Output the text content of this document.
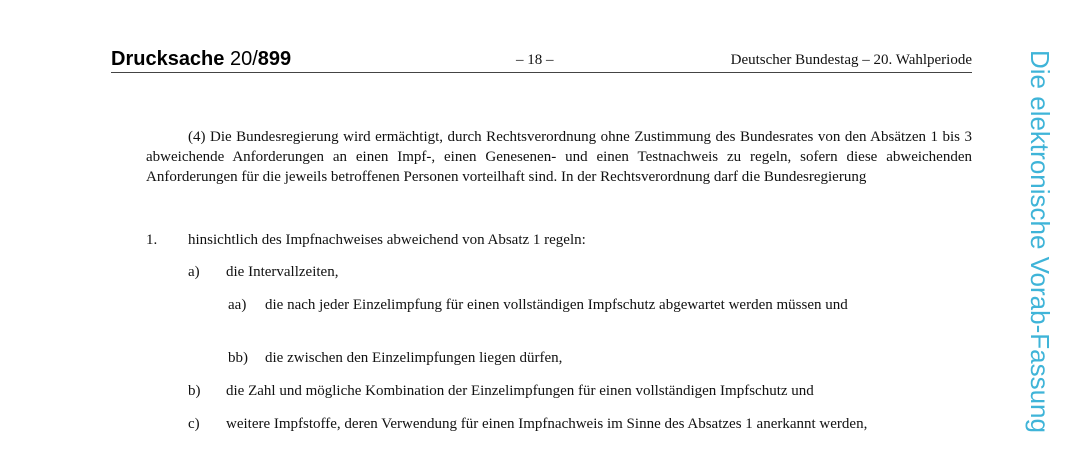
Drucksache 20/899	– 18 –	Deutscher Bundestag – 20. Wahlperiode

(4) Die Bundesregierung wird ermächtigt, durch Rechtsverordnung ohne Zustimmung des Bundesrates von den Absätzen 1 bis 3 abweichende Anforderungen an einen Impf-, einen Genesenen- und einen Testnachweis zu regeln, sofern diese abweichenden Anforderungen für die jeweils betroffenen Personen vorteilhaft sind. In der Rechtsverordnung darf die Bundesregierung

1. hinsichtlich des Impfnachweises abweichend von Absatz 1 regeln:
a) die Intervallzeiten,
aa) die nach jeder Einzelimpfung für einen vollständigen Impfschutz abgewartet werden müssen und
bb) die zwischen den Einzelimpfungen liegen dürfen,
b) die Zahl und mögliche Kombination der Einzelimpfungen für einen vollständigen Impfschutz und
c) weitere Impfstoffe, deren Verwendung für einen Impfnachweis im Sinne des Absatzes 1 anerkannt werden,	Die elektronische Vorab-Fassung
